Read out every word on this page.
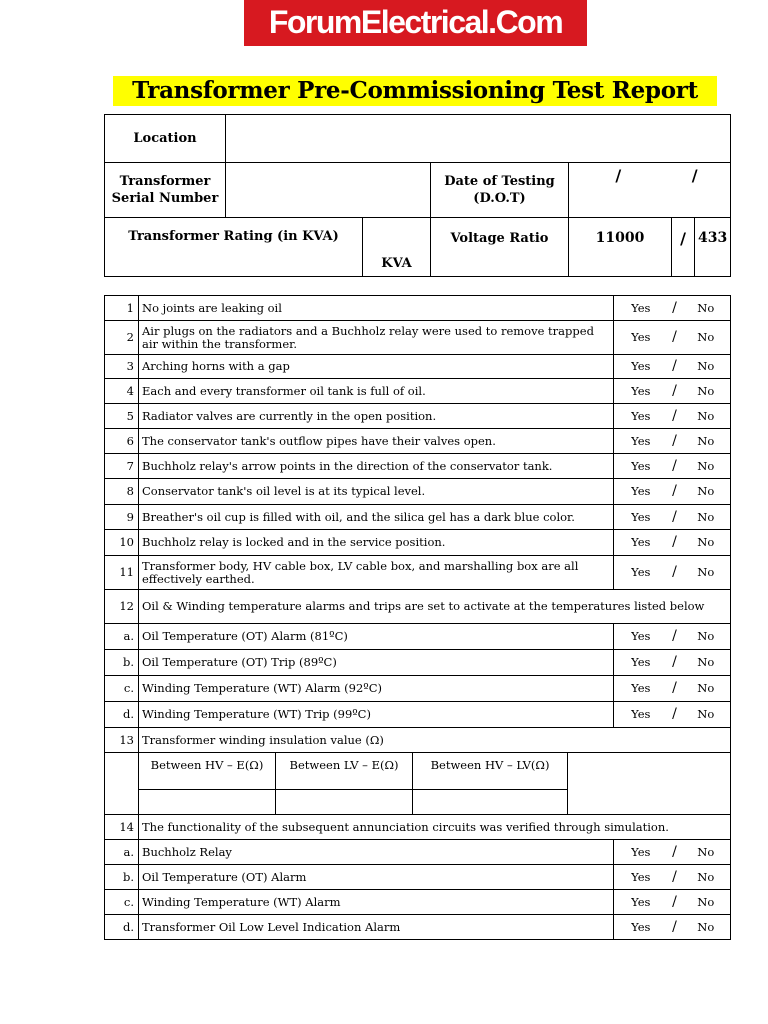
ForumElectrical.Com
Transformer Pre-Commissioning Test Report
Location						
Transformer Serial Number			Date of Testing (D.O.T)	/ /		
Transformer Rating (in KVA)		KVA	Voltage Ratio	11000	/	433
1	No joints are leaking oil				Yes	/	No
2	Air plugs on the radiators and a Buchholz relay were used to remove trapped air within the transformer.				Yes	/	No
3	Arching horns with a gap				Yes	/	No
4	Each and every transformer oil tank is full of oil.				Yes	/	No
5	Radiator valves are currently in the open position.				Yes	/	No
6	The conservator tank's outflow pipes have their valves open.				Yes	/	No
7	Buchholz relay's arrow points in the direction of the conservator tank.				Yes	/	No
8	Conservator tank's oil level is at its typical level.				Yes	/	No
9	Breather's oil cup is filled with oil, and the silica gel has a dark blue color.				Yes	/	No
10	Buchholz relay is locked and in the service position.				Yes	/	No
11	Transformer body, HV cable box, LV cable box, and marshalling box are all effectively earthed.				Yes	/	No
12	Oil & Winding temperature alarms and trips are set to activate at the temperatures listed below						
a.	Oil Temperature (OT) Alarm (81ºC)				Yes	/	No
b.	Oil Temperature (OT) Trip (89ºC)				Yes	/	No
c.	Winding Temperature (WT) Alarm (92ºC)				Yes	/	No
d.	Winding Temperature (WT) Trip (99ºC)				Yes	/	No
13	Transformer winding insulation value (Ω)						
	Between HV – E(Ω)	Between LV – E(Ω)	Between HV – LV(Ω)				

14	The functionality of the subsequent annunciation circuits was verified through simulation.						
a.	Buchholz Relay				Yes	/	No
b.	Oil Temperature (OT) Alarm				Yes	/	No
c.	Winding Temperature (WT) Alarm				Yes	/	No
d.	Transformer Oil Low Level Indication Alarm				Yes	/	No
